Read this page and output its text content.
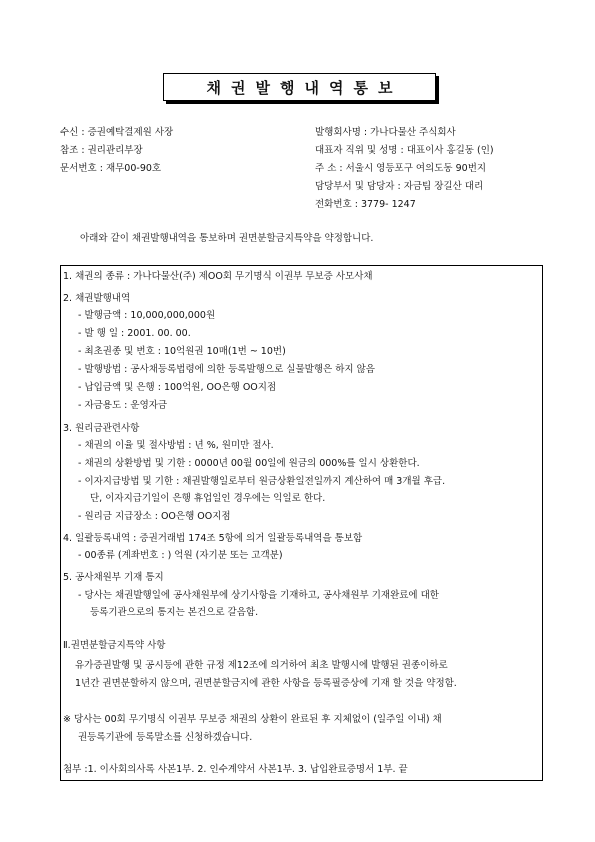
채권발행내역통보
수신 : 증권예탁결제원 사장
참조 : 권리관리부장
문서번호 : 재무00-90호
발행회사명 : 가나다물산 주식회사
대표자 직위 및 성명 : 대표이사 홍길동 (인)
주 소 : 서울시 영등포구 여의도동 90번지
담당부서 및 담당자 : 자금팀 장길산 대리
전화번호 : 3779- 1247
아래와 같이 채권발행내역을 통보하며 권면분할금지특약을 약정합니다.
1. 채권의 종류 : 가나다물산(주) 제OO회 무기명식 이권부 무보증 사모사채
2. 채권발행내역
- 발행금액 : 10,000,000,000원
- 발 행 일 : 2001. 00. 00.
- 최초권종 및 번호 : 10억원권 10매(1번 ~ 10번)
- 발행방법 : 공사채등록법령에 의한 등록발행으로 실물발행은 하지 않음
- 납입금액 및 은행 : 100억원, OO은행 OO지점
- 자금용도 : 운영자금
3. 원리금관련사항
- 채권의 이율 및 절사방법 : 년 %, 원미만 절사.
- 채권의 상환방법 및 기한 : 0000년 00월 00일에 원금의 000%를 일시 상환한다.
- 이자지급방법 및 기한 : 채권발행일로부터 원금상환일전일까지 계산하여 매 3개월 후급.
단, 이자지급기일이 은행 휴업일인 경우에는 익일로 한다.
- 원리금 지급장소 : OO은행 OO지점
4. 일괄등록내역 : 증권거래법 174조 5항에 의거 일괄등록내역을 통보함
- 00종류 (계좌번호 : ) 억원 (자기분 또는 고객분)
5. 공사채원부 기재 통지
- 당사는 채권발행일에 공사채원부에 상기사항을 기재하고, 공사채원부 기재완료에 대한
등록기관으로의 통지는 본건으로 갈음함.
Ⅱ.권면분할금지특약 사항
유가증권발행 및 공시등에 관한 규정 제12조에 의거하여 최초 발행시에 발행된 권종이하로
1년간 권면분할하지 않으며, 권면분할금지에 관한 사항을 등록필증상에 기재 할 것을 약정함.
※ 당사는 00회 무기명식 이권부 무보증 채권의 상환이 완료된 후 지체없이 (일주일 이내) 채
권등록기관에 등록말소를 신청하겠습니다.
첨부 :1. 이사회의사록 사본1부. 2. 인수계약서 사본1부. 3. 납입완료증명서 1부. 끝
